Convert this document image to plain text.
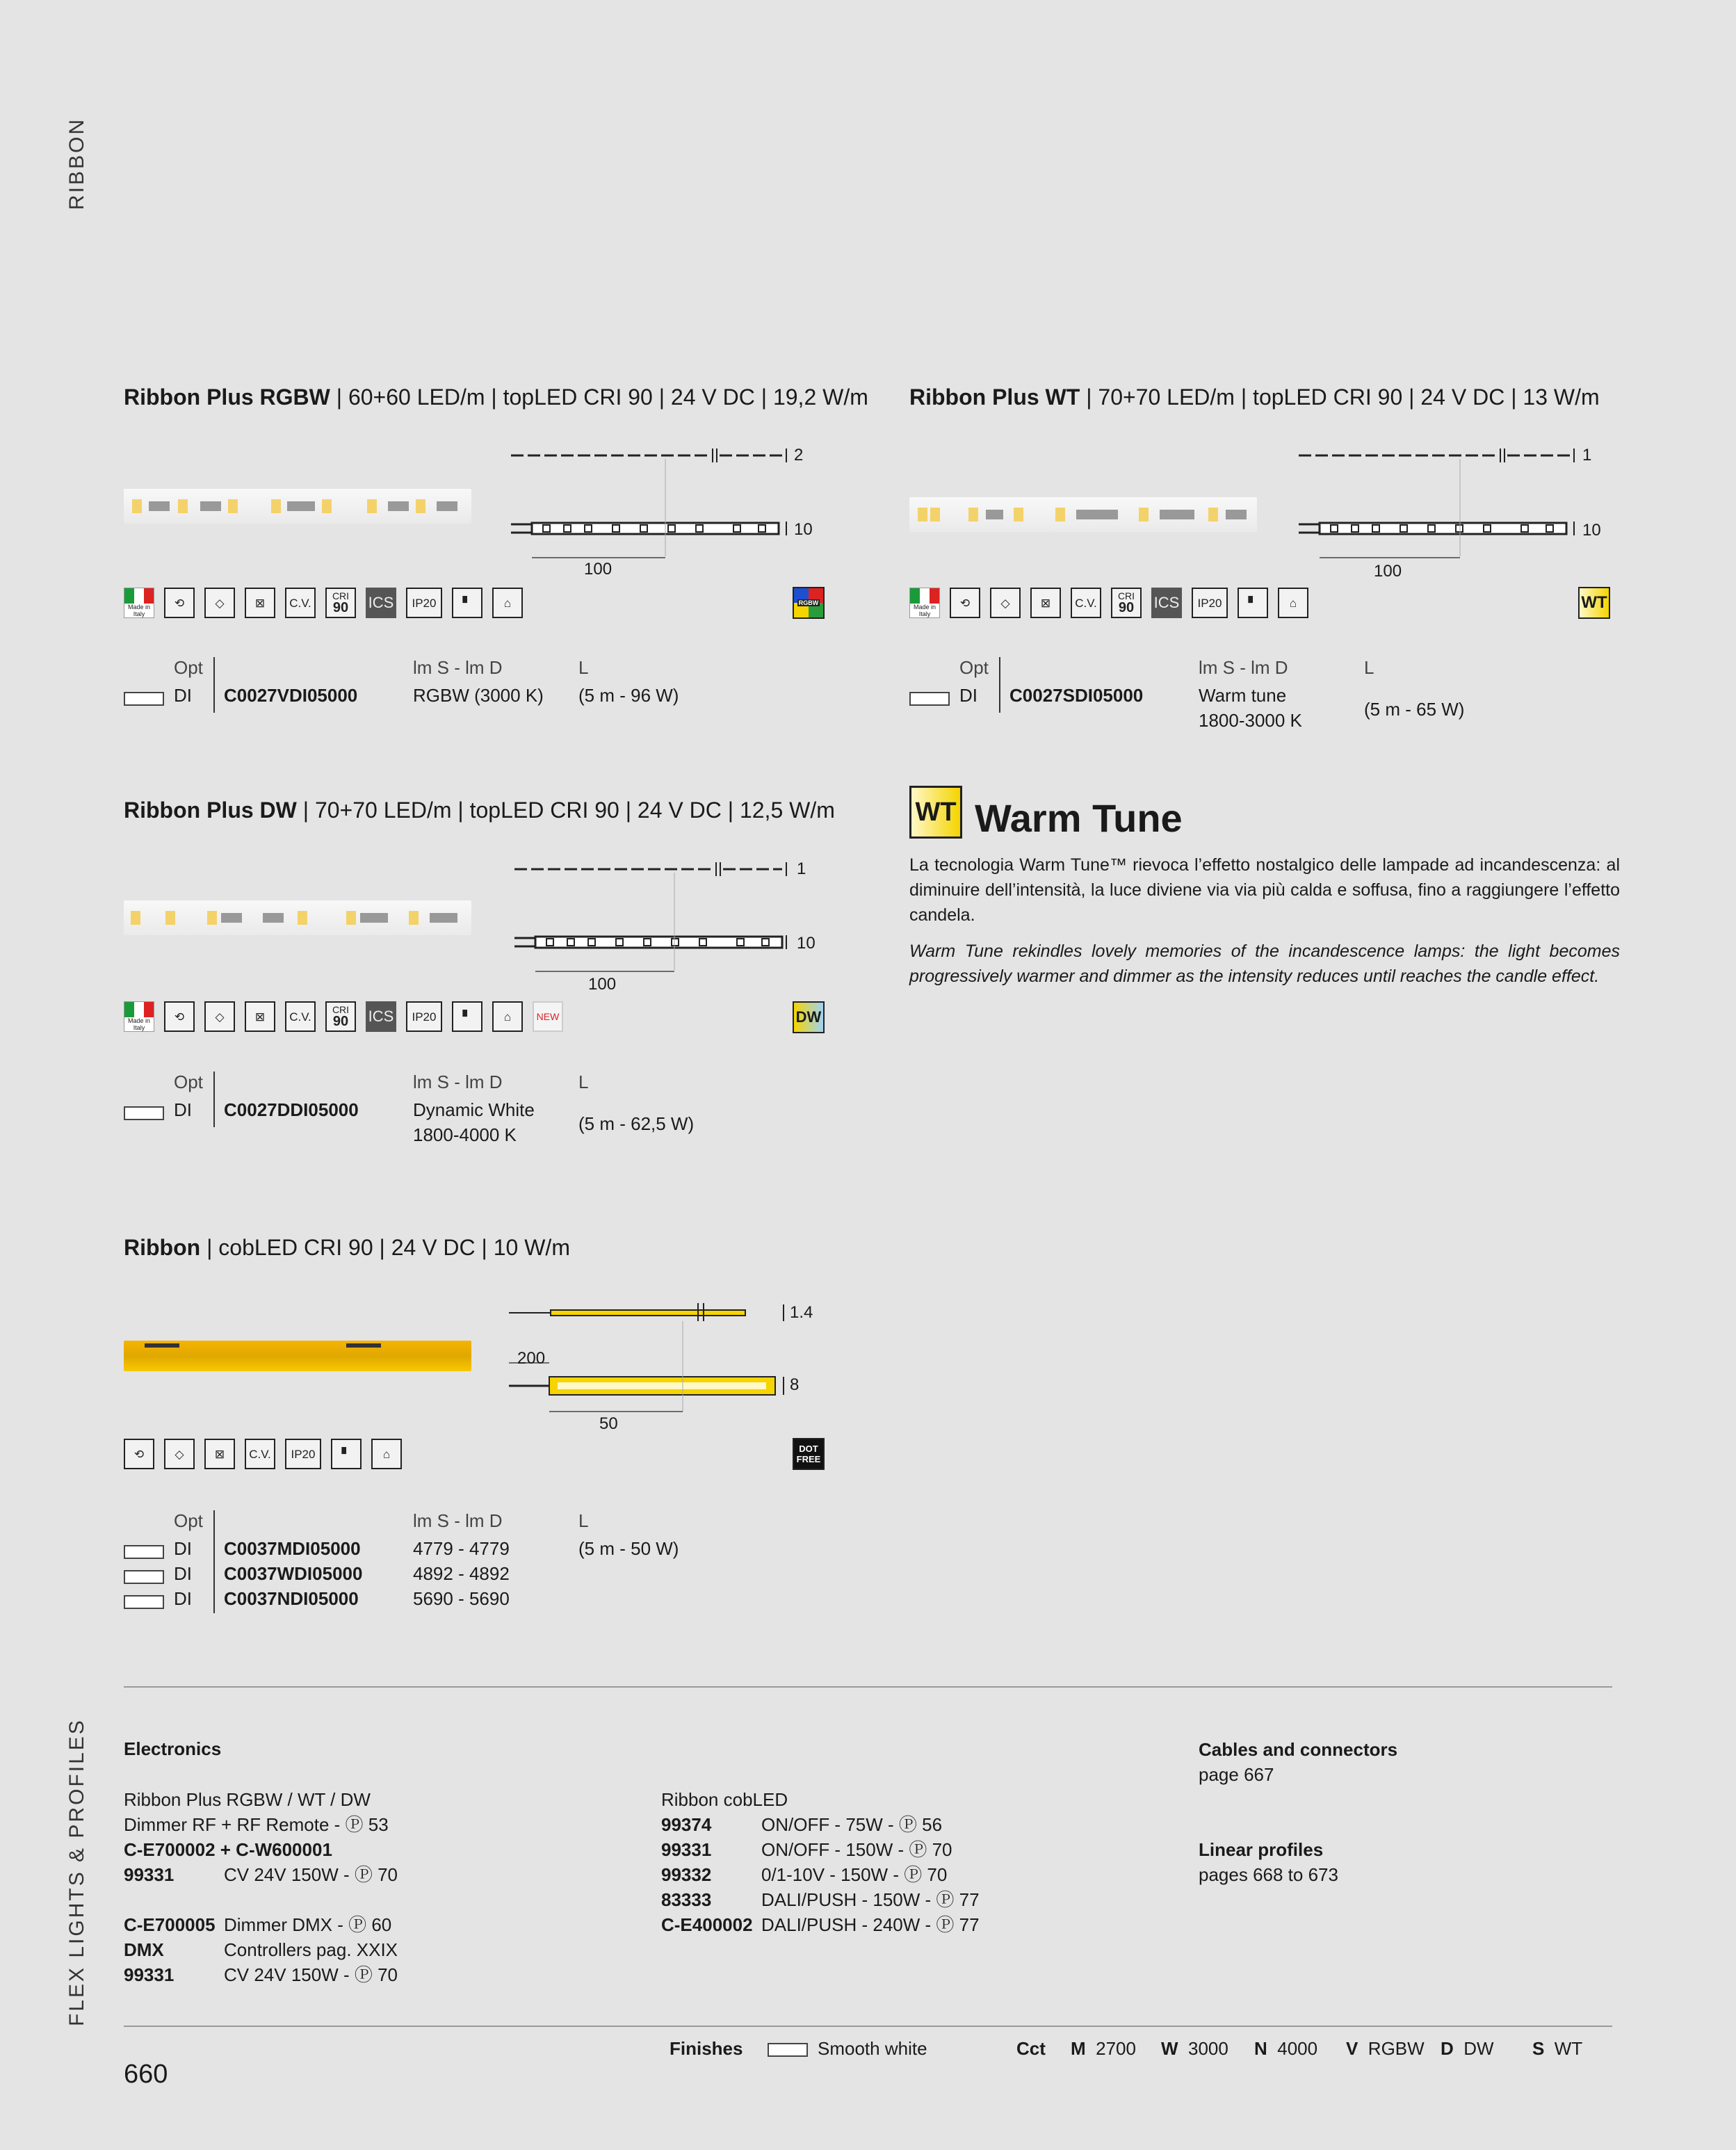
RIBBON
FLEX LIGHTS & PROFILES
Ribbon Plus RGBW | 60+60 LED/m | topLED CRI 90 | 24 V DC | 19,2 W/m
2
10
100
Made in Italy
⟲	◇	⊠	C.V.
CRI
90 ICS	IP20	▘	⌂	RGBW
Opt	lm S - lm D	L
DI C0027VDI05000	RGBW (3000 K) (5 m - 96 W)
Ribbon Plus WT | 70+70 LED/m | topLED CRI 90 | 24 V DC | 13 W/m
1
10
100
Made in Italy
⟲	◇	⊠	C.V.
CRI
90 ICS	IP20	▘	⌂	WT
Opt	lm S - lm D	L
DI C0027SDI05000	Warm tune
1800-3000 K
(5 m - 65 W)
Ribbon Plus DW | 70+70 LED/m | topLED CRI 90 | 24 V DC | 12,5 W/m
1
10
100
Made in Italy
⟲	◇	⊠	C.V.
CRI
90 ICS	IP20	▘	⌂	NEW	DW
Opt	lm S - lm D	L
DI C0027DDI05000	Dynamic White
1800-4000 K
(5 m - 62,5 W)
WT Warm Tune
La tecnologia Warm Tune™ rievoca l’effetto nostalgico delle lampade ad incandescenza: al diminuire dell’intensità, la luce diviene via via più calda e soffusa, fino a raggiungere l’effetto candela.
Warm Tune rekindles lovely memories of the incandescence lamps: the light becomes progressively warmer and dimmer as the intensity reduces until reaches the candle effect.
Ribbon | cobLED CRI 90 | 24 V DC | 10 W/m
1.4
8
200
50
⟲	◇	⊠	C.V.	IP20	▘	⌂	DOT FREE
Opt	lm S - lm D	L
DI C0037MDI05000	4779 - 4779
DI C0037WDI05000	4892 - 4892
DI C0037NDI05000	5690 - 5690
(5 m - 50 W)
Electronics
Ribbon Plus RGBW / WT / DW
Dimmer RF + RF Remote - Ⓟ 53
C-E700002 + C-W600001
99331	CV 24V 150W - Ⓟ 70
C-E700005 Dimmer DMX - Ⓟ 60
DMX	Controllers pag. XXIX
99331	CV 24V 150W - Ⓟ 70
Ribbon cobLED
99374	ON/OFF - 75W - Ⓟ 56
99331	ON/OFF - 150W - Ⓟ 70
99332	0/1-10V - 150W - Ⓟ 70
83333	DALI/PUSH - 150W - Ⓟ 77
C-E400002 DALI/PUSH - 240W - Ⓟ 77
Cables and connectors
page 667
Linear profiles
pages 668 to 673
Finishes	Smooth white	Cct M 2700 W 3000 N 4000 V RGBW D DW S WT
660
